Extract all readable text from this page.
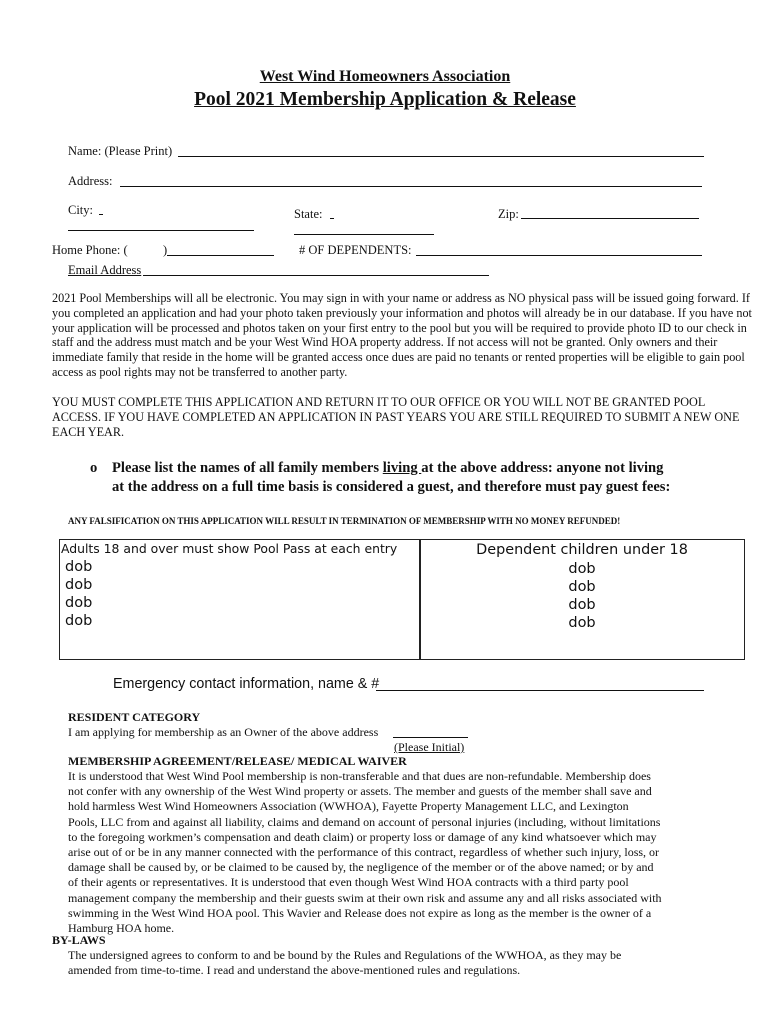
West Wind Homeowners Association
Pool 2021 Membership Application & Release
Name: (Please Print)
Address:
City:	State:	Zip:
Home Phone: (	)	# OF DEPENDENTS:
Email Address
2021 Pool Memberships will all be electronic. You may sign in with your name or address as NO physical pass will be issued going forward. If you completed an application and had your photo taken previously your information and photos will already be in our database. If you have not your application will be processed and photos taken on your first entry to the pool but you will be required to provide photo ID to our check in staff and the address must match and be your West Wind HOA property address. If not access will not be granted. Only owners and their immediate family that reside in the home will be granted access once dues are paid no tenants or rented properties will be eligible to gain pool access as pool rights may not be transferred to another party.
YOU MUST COMPLETE THIS APPLICATION AND RETURN IT TO OUR OFFICE OR YOU WILL NOT BE GRANTED POOL ACCESS. IF YOU HAVE COMPLETED AN APPLICATION IN PAST YEARS YOU ARE STILL REQUIRED TO SUBMIT A NEW ONE EACH YEAR.
o Please list the names of all family members living at the above address: anyone not living
at the address on a full time basis is considered a guest, and therefore must pay guest fees:
ANY FALSIFICATION ON THIS APPLICATION WILL RESULT IN TERMINATION OF MEMBERSHIP WITH NO MONEY REFUNDED!
Adults 18 and over must show Pool Pass at each entry
dob
dob
dob
dob
Dependent children under 18
dob
dob
dob
dob
Emergency contact information, name & #
RESIDENT CATEGORY
I am applying for membership as an Owner of the above address
(Please Initial)
MEMBERSHIP AGREEMENT/RELEASE/ MEDICAL WAIVER
It is understood that West Wind Pool membership is non-transferable and that dues are non-refundable. Membership does
not confer with any ownership of the West Wind property or assets. The member and guests of the member shall save and
hold harmless West Wind Homeowners Association (WWHOA), Fayette Property Management LLC, and Lexington
Pools, LLC from and against all liability, claims and demand on account of personal injuries (including, without limitations
to the foregoing workmen’s compensation and death claim) or property loss or damage of any kind whatsoever which may
arise out of or be in any manner connected with the performance of this contract, regardless of whether such injury, loss, or
damage shall be caused by, or be claimed to be caused by, the negligence of the member or of the above named; or by and
of their agents or representatives. It is understood that even though West Wind HOA contracts with a third party pool
management company the membership and their guests swim at their own risk and assume any and all risks associated with
swimming in the West Wind HOA pool. This Wavier and Release does not expire as long as the member is the owner of a
Hamburg HOA home.
BY-LAWS
The undersigned agrees to conform to and be bound by the Rules and Regulations of the WWHOA, as they may be
amended from time-to-time. I read and understand the above-mentioned rules and regulations.
